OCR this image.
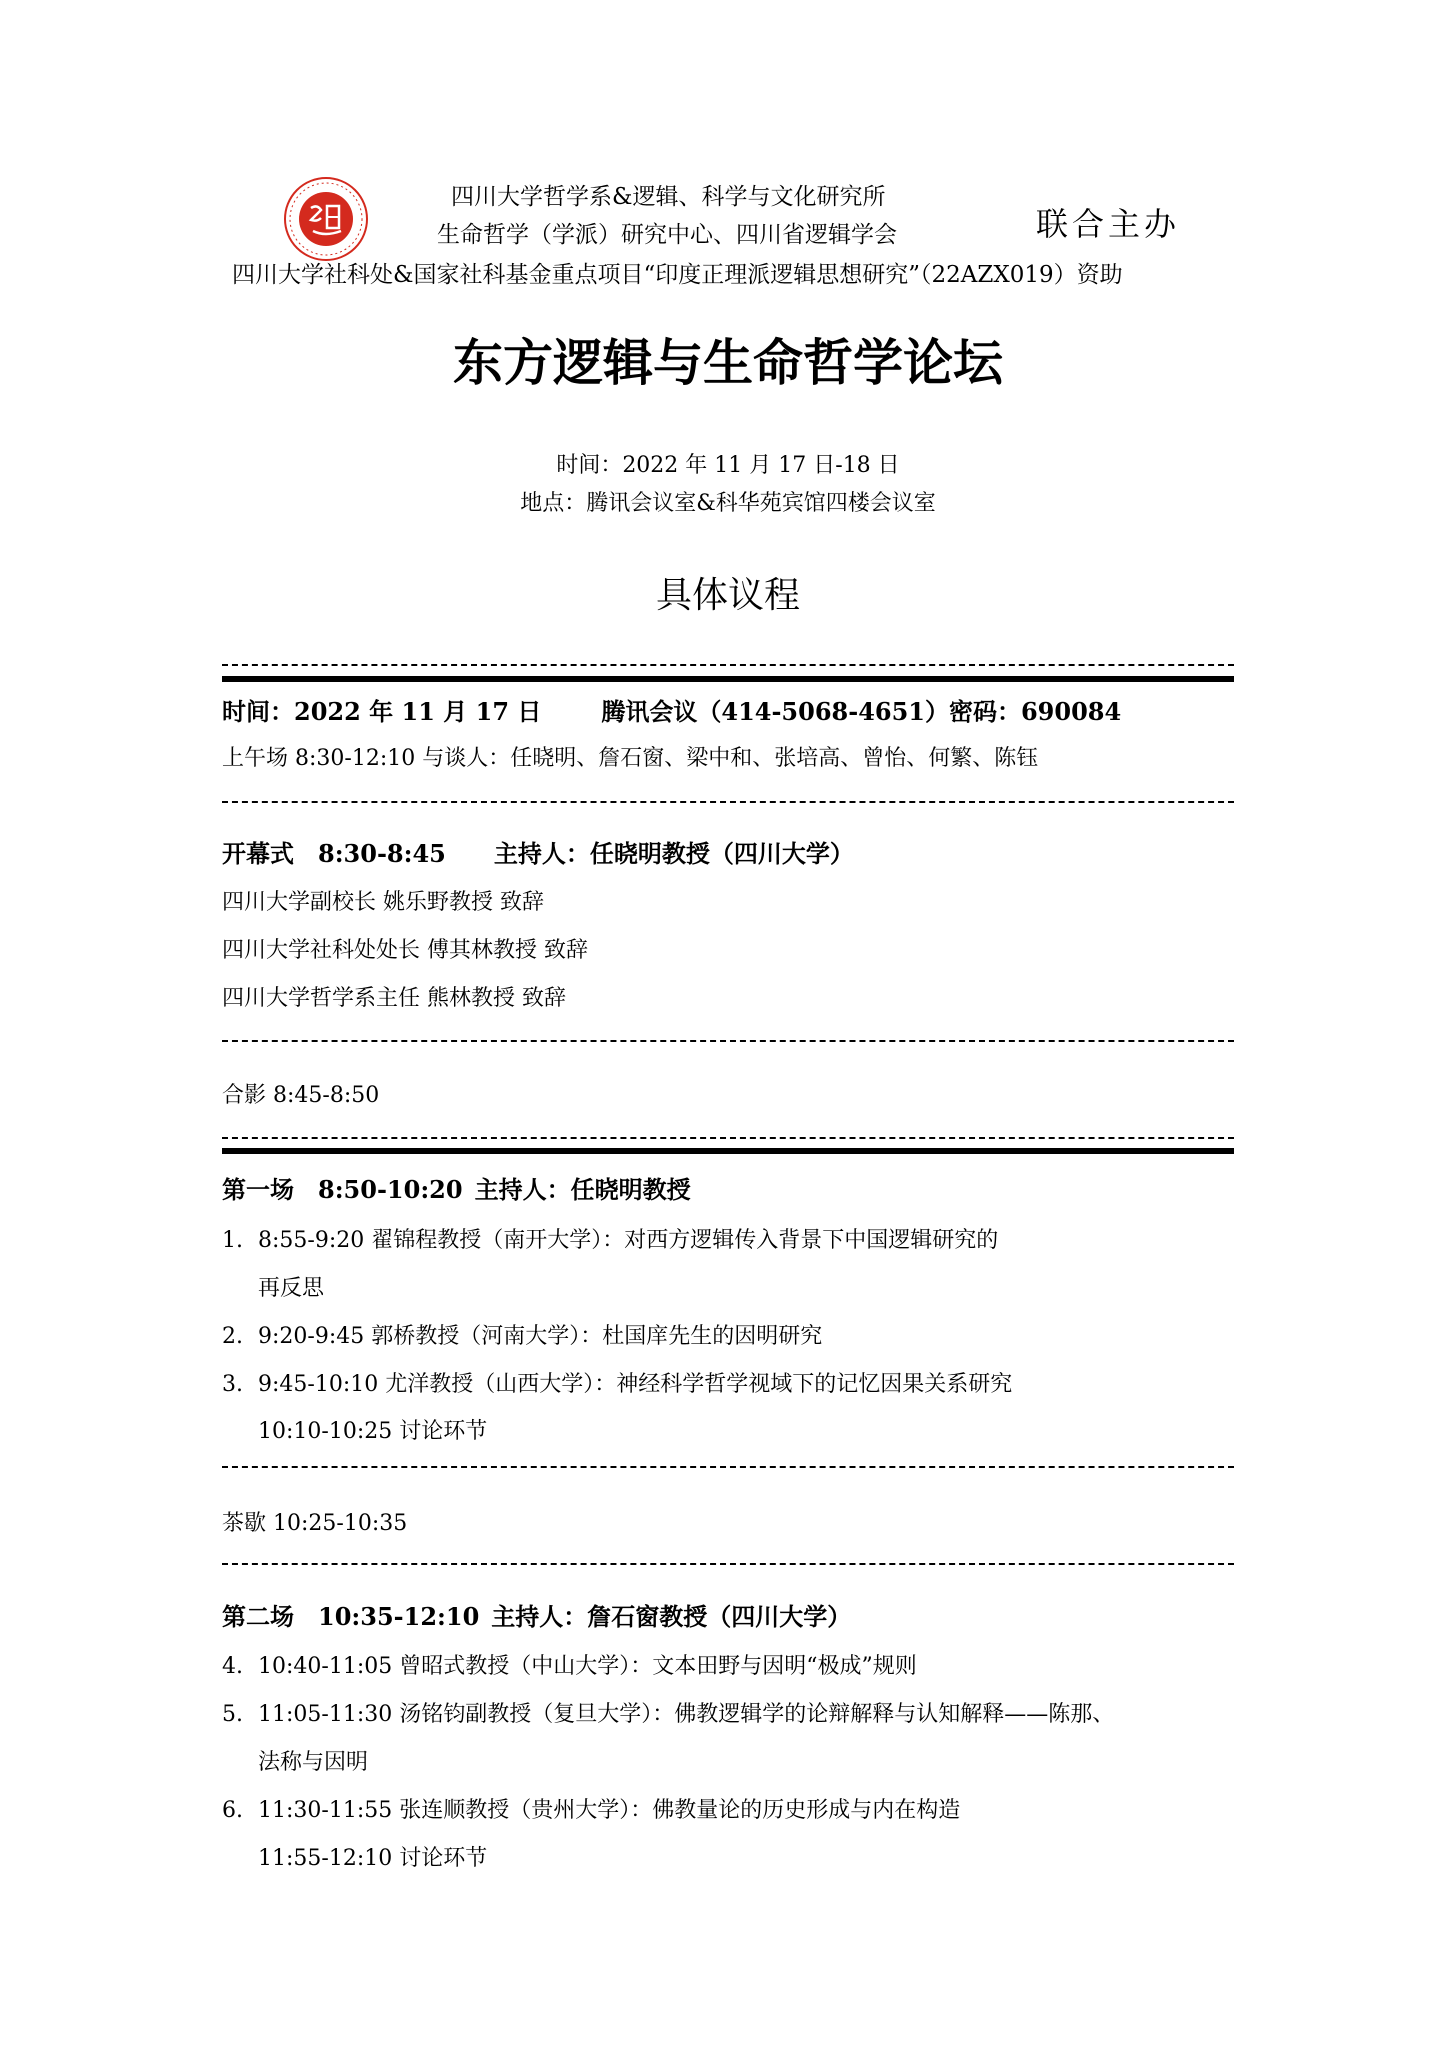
四川大学哲学系&逻辑、科学与文化研究所
生命哲学（学派）研究中心、四川省逻辑学会	联合主办
四川大学社科处&国家社科基金重点项目“印度正理派逻辑思想研究”（22AZX019）资助
东方逻辑与生命哲学论坛
时间：2022 年 11 月 17 日-18 日
地点：腾讯会议室&科华苑宾馆四楼会议室
具体议程
时间：2022 年 11 月 17 日	腾讯会议（414-5068-4651）密码：690084
上午场 8:30-12:10 与谈人：任晓明、詹石窗、梁中和、张培高、曾怡、何繁、陈钰
开幕式 8:30-8:45 主持人：任晓明教授（四川大学）
四川大学副校长 姚乐野教授 致辞
四川大学社科处处长 傅其林教授 致辞
四川大学哲学系主任 熊林教授 致辞
合影 8:45-8:50
第一场 8:50-10:20 主持人：任晓明教授
1. 8:55-9:20 翟锦程教授（南开大学）：对西方逻辑传入背景下中国逻辑研究的
再反思
2. 9:20-9:45 郭桥教授（河南大学）：杜国庠先生的因明研究
3. 9:45-10:10 尤洋教授（山西大学）：神经科学哲学视域下的记忆因果关系研究
10:10-10:25 讨论环节
茶歇 10:25-10:35
第二场 10:35-12:10 主持人：詹石窗教授（四川大学）
4. 10:40-11:05 曾昭式教授（中山大学）：文本田野与因明“极成”规则
5. 11:05-11:30 汤铭钧副教授（复旦大学）：佛教逻辑学的论辩解释与认知解释——陈那、
法称与因明
6. 11:30-11:55 张连顺教授（贵州大学）：佛教量论的历史形成与内在构造
11:55-12:10 讨论环节
